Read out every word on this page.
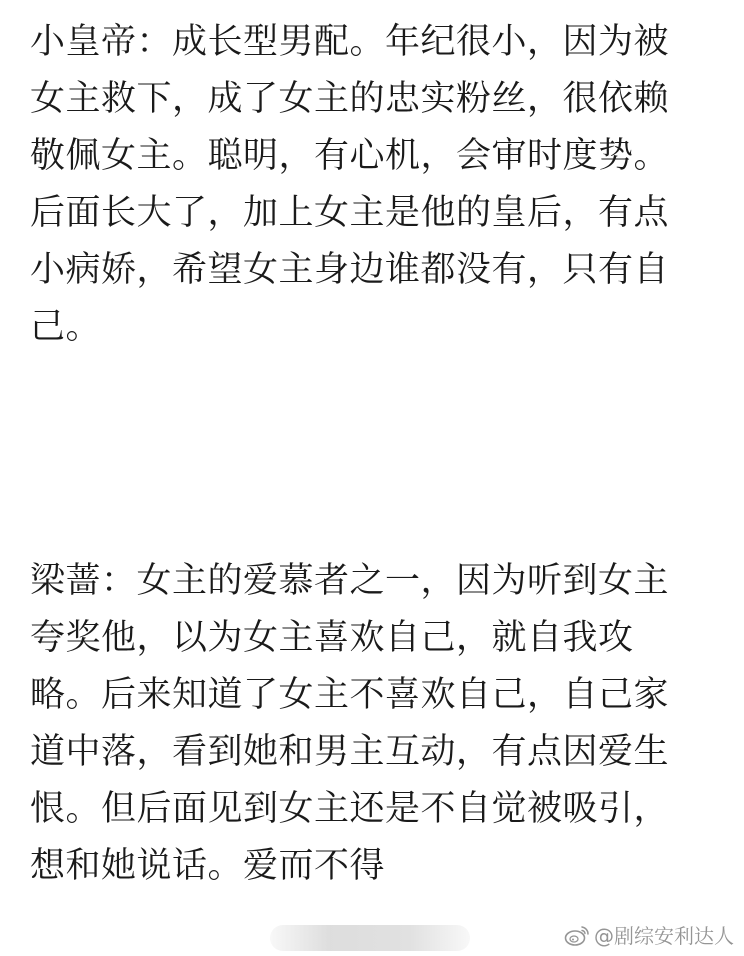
小皇帝：成长型男配。年纪很小，因为被
女主救下，成了女主的忠实粉丝，很依赖
敬佩女主。聪明，有心机，会审时度势。
后面长大了，加上女主是他的皇后，有点
小病娇，希望女主身边谁都没有，只有自
己。
梁蔷：女主的爱慕者之一，因为听到女主
夸奖他，以为女主喜欢自己，就自我攻
略。后来知道了女主不喜欢自己，自己家
道中落，看到她和男主互动，有点因爱生
恨。但后面见到女主还是不自觉被吸引，
想和她说话。爱而不得
@剧综安利达人
